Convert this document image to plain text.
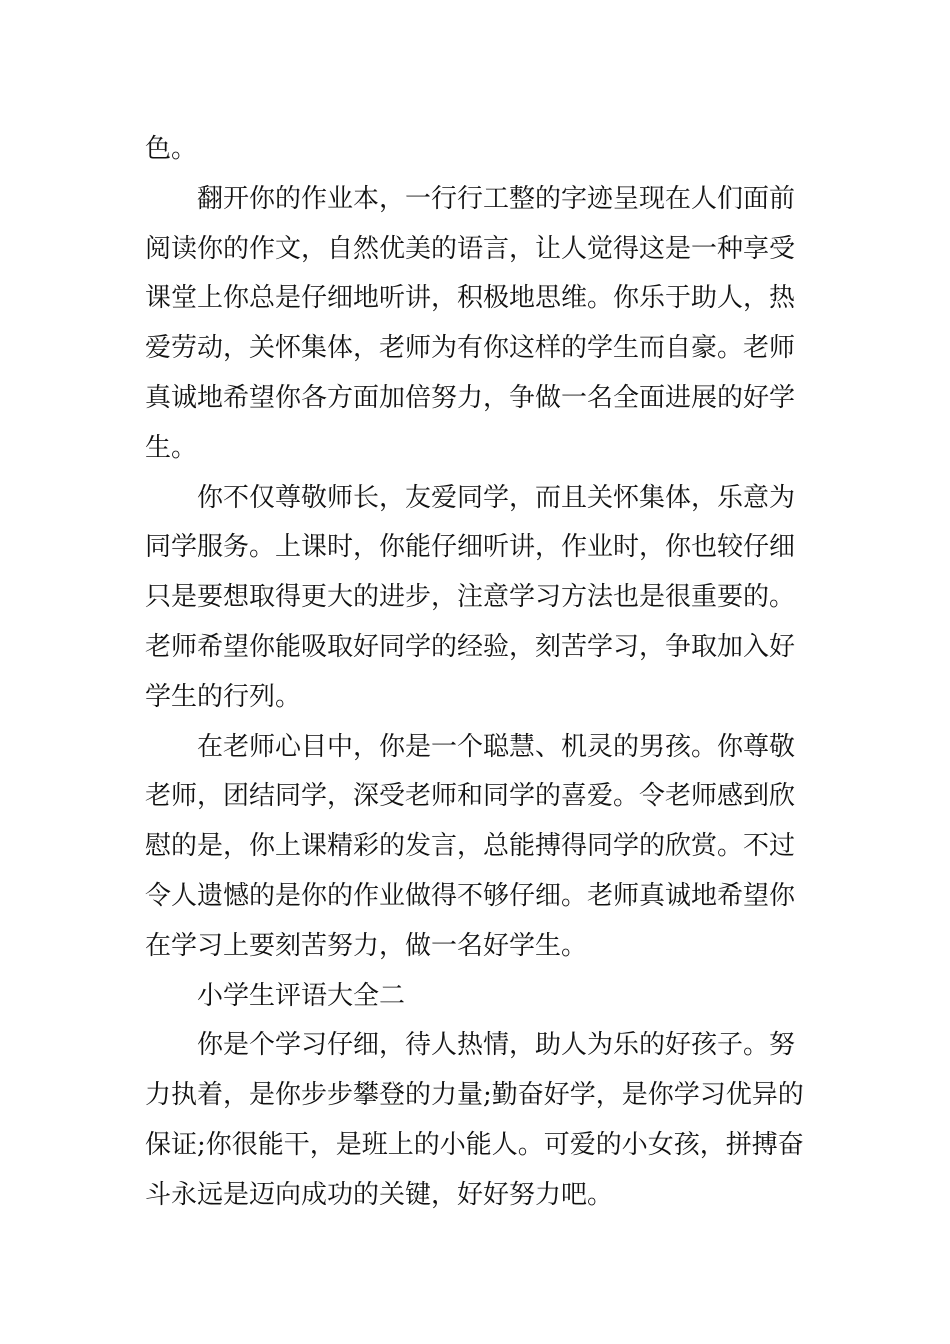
色。
翻开你的作业本，一行行工整的字迹呈现在人们面前
阅读你的作文，自然优美的语言，让人觉得这是一种享受
课堂上你总是仔细地听讲，积极地思维。你乐于助人，热
爱劳动，关怀集体，老师为有你这样的学生而自豪。老师
真诚地希望你各方面加倍努力，争做一名全面进展的好学
生。
你不仅尊敬师长，友爱同学，而且关怀集体，乐意为
同学服务。上课时，你能仔细听讲，作业时，你也较仔细
只是要想取得更大的进步，注意学习方法也是很重要的。
老师希望你能吸取好同学的经验，刻苦学习，争取加入好
学生的行列。
在老师心目中，你是一个聪慧、机灵的男孩。你尊敬
老师，团结同学，深受老师和同学的喜爱。令老师感到欣
慰的是，你上课精彩的发言，总能搏得同学的欣赏。不过
令人遗憾的是你的作业做得不够仔细。老师真诚地希望你
在学习上要刻苦努力，做一名好学生。
小学生评语大全二
你是个学习仔细，待人热情，助人为乐的好孩子。努
力执着，是你步步攀登的力量;勤奋好学，是你学习优异的
保证;你很能干，是班上的小能人。可爱的小女孩，拼搏奋
斗永远是迈向成功的关键，好好努力吧。
